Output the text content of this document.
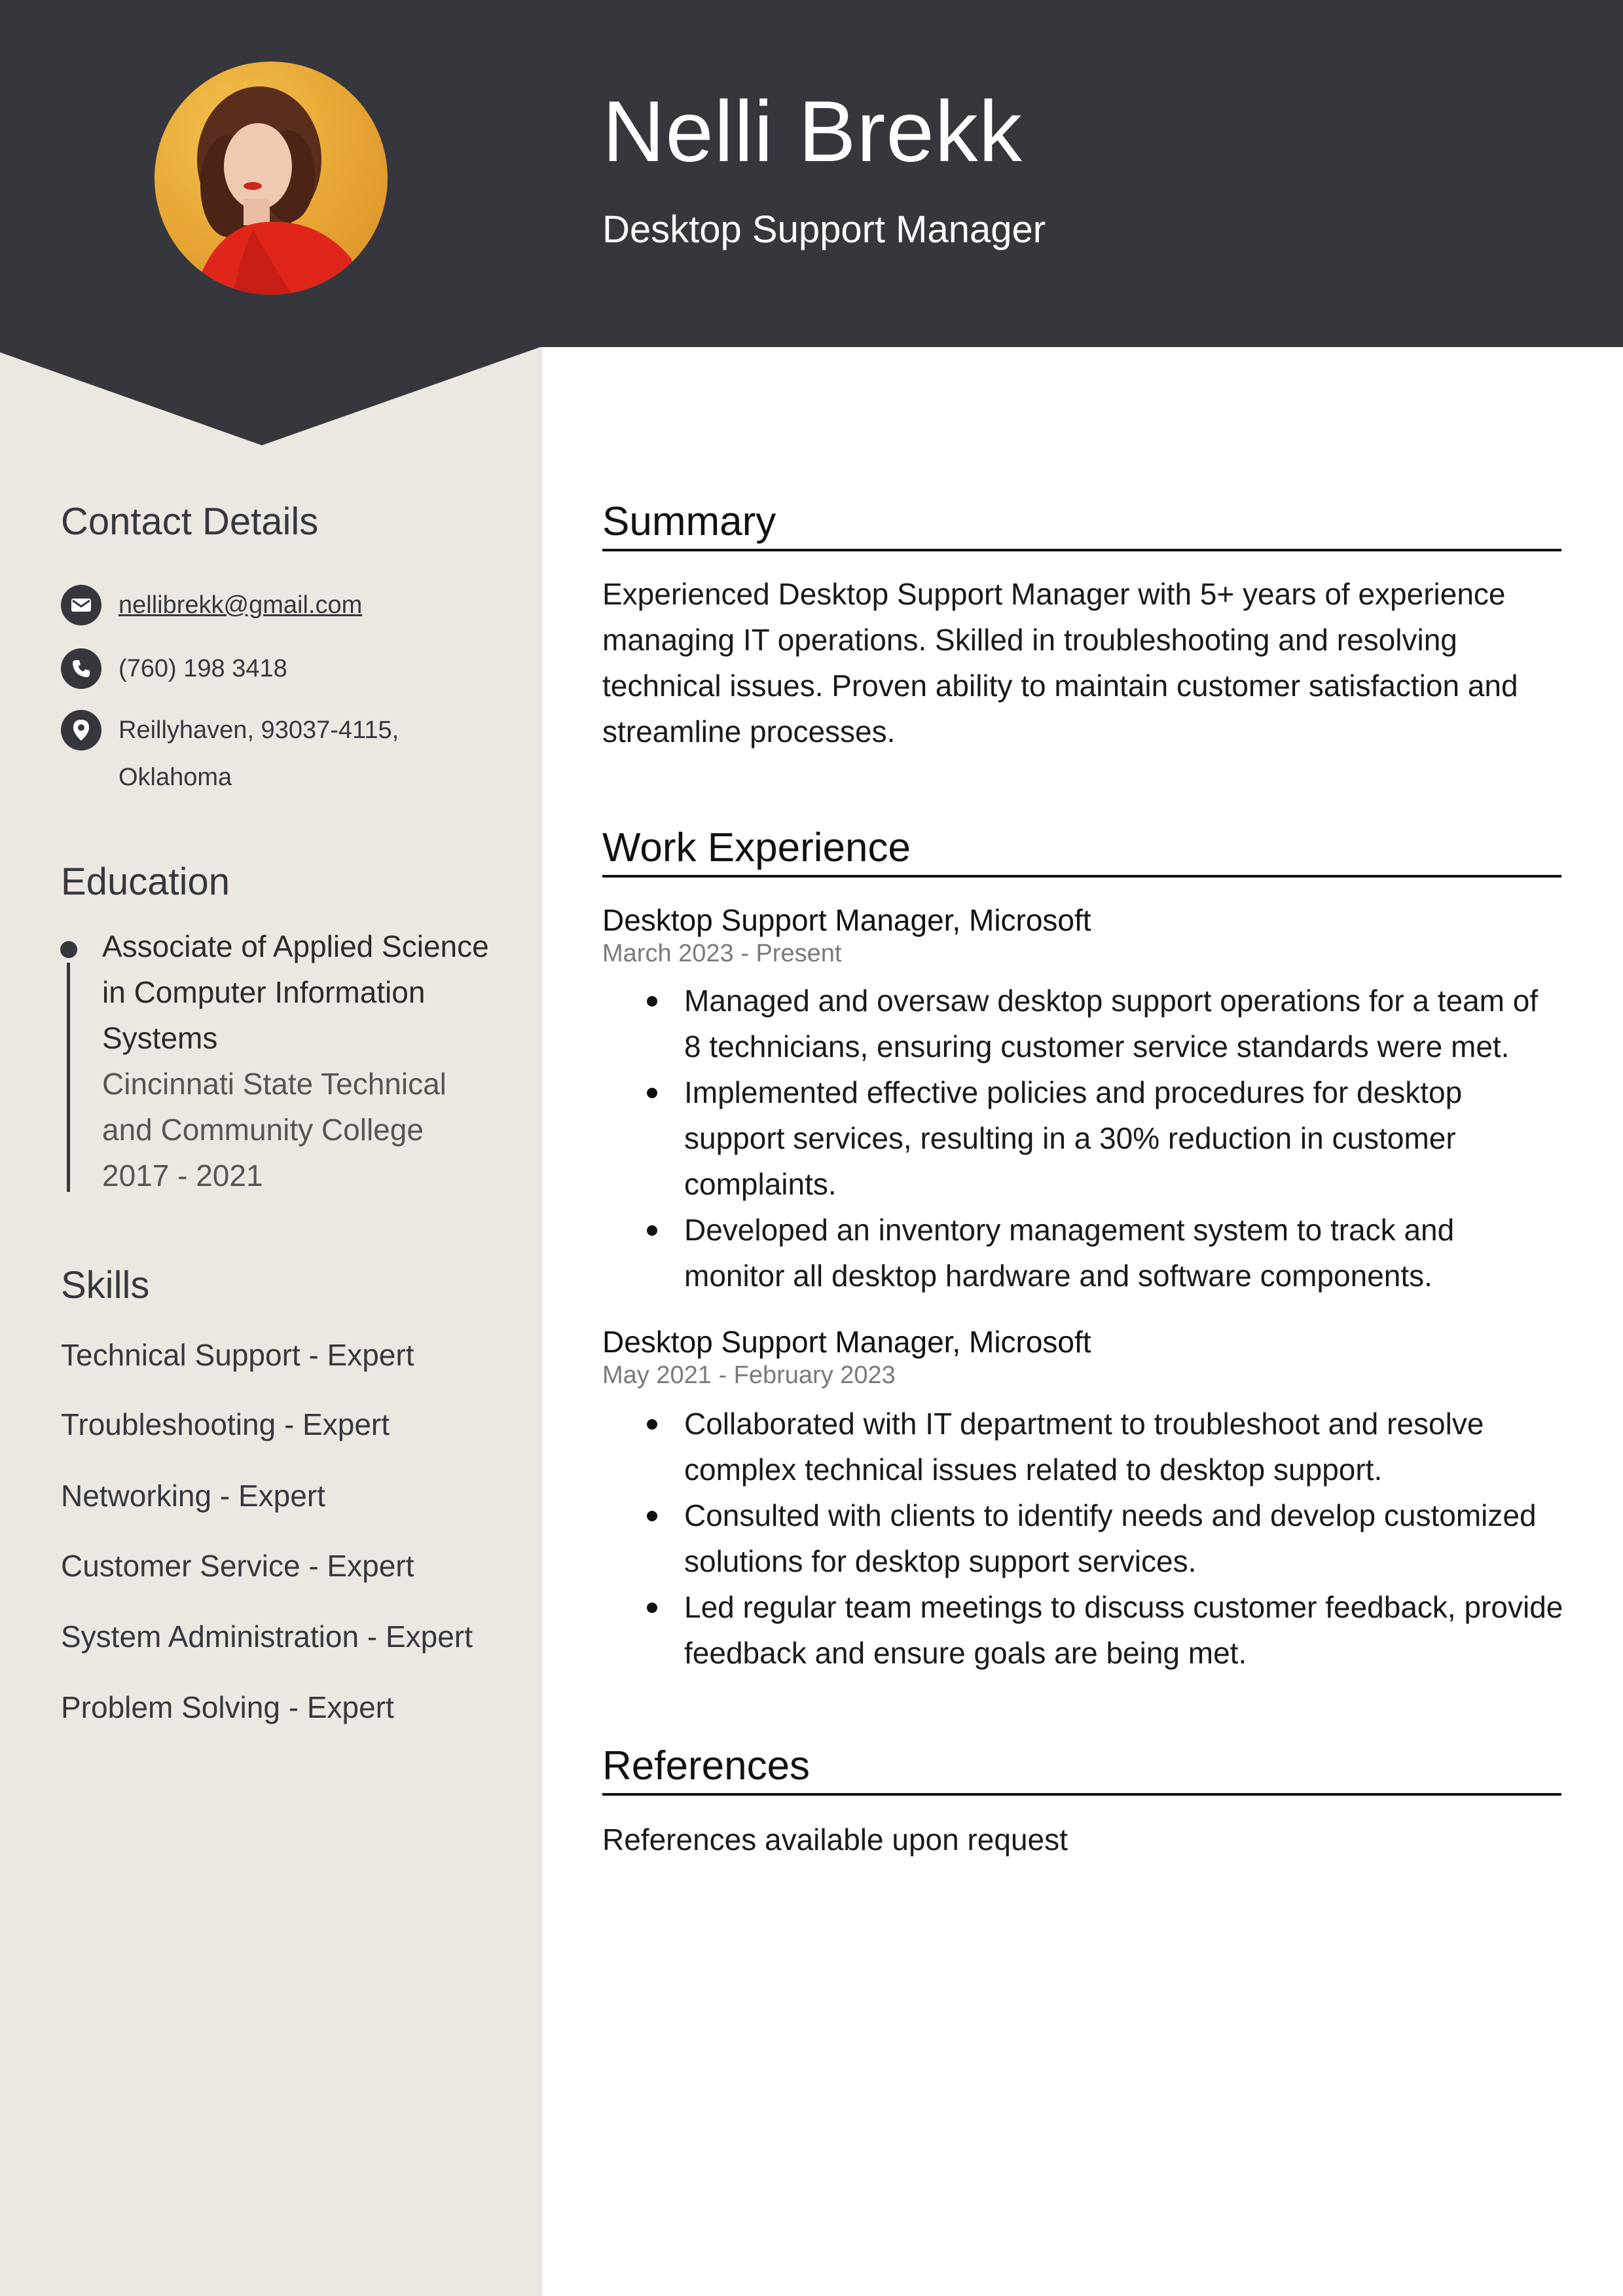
Nelli Brekk
Desktop Support Manager
Contact Details
nellibrekk@gmail.com
(760) 198 3418
Reillyhaven, 93037-4115,
Oklahoma
Education
Associate of Applied Science
in Computer Information
Systems
Cincinnati State Technical
and Community College
2017 - 2021
Skills
Technical Support - Expert
Troubleshooting - Expert
Networking - Expert
Customer Service - Expert
System Administration - Expert
Problem Solving - Expert
Summary
Experienced Desktop Support Manager with 5+ years of experience
managing IT operations. Skilled in troubleshooting and resolving
technical issues. Proven ability to maintain customer satisfaction and
streamline processes.
Work Experience
Desktop Support Manager, Microsoft
March 2023 - Present
Managed and oversaw desktop support operations for a team of
8 technicians, ensuring customer service standards were met.
Implemented effective policies and procedures for desktop
support services, resulting in a 30% reduction in customer
complaints.
Developed an inventory management system to track and
monitor all desktop hardware and software components.
Desktop Support Manager, Microsoft
May 2021 - February 2023
Collaborated with IT department to troubleshoot and resolve
complex technical issues related to desktop support.
Consulted with clients to identify needs and develop customized
solutions for desktop support services.
Led regular team meetings to discuss customer feedback, provide
feedback and ensure goals are being met.
References
References available upon request
